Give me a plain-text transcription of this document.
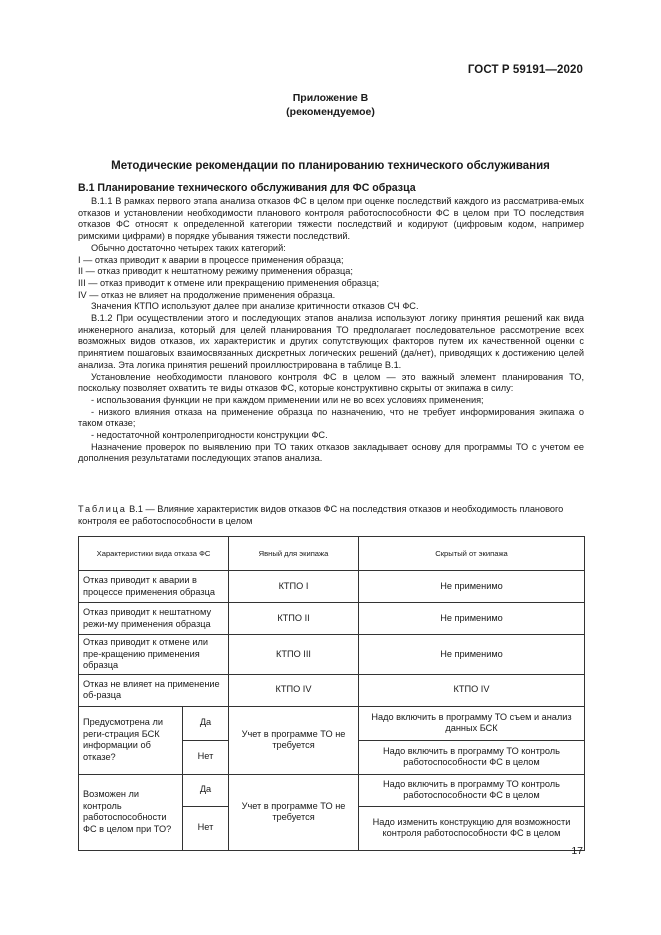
ГОСТ Р 59191—2020
Приложение В
(рекомендуемое)
Методические рекомендации по планированию технического обслуживания
В.1 Планирование технического обслуживания для ФС образца

В.1.1 В рамках первого этапа анализа отказов ФС в целом при оценке последствий каждого из рассматрива-емых отказов и установлении необходимости планового контроля работоспособности ФС в целом при ТО последствия отказов ФС относят к определенной категории тяжести последствий и кодируют (цифровым кодом, например римскими цифрами) в порядке убывания тяжести последствий.

Обычно достаточно четырех таких категорий:

I — отказ приводит к аварии в процессе применения образца;

II — отказ приводит к нештатному режиму применения образца;

III — отказ приводит к отмене или прекращению применения образца;

IV — отказ не влияет на продолжение применения образца.

Значения КТПО используют далее при анализе критичности отказов СЧ ФС.

В.1.2 При осуществлении этого и последующих этапов анализа используют логику принятия решений как вида инженерного анализа, который для целей планирования ТО предполагает последовательное рассмотрение всех возможных видов отказов, их характеристик и других сопутствующих факторов путем их качественной оценки с принятием пошаговых взаимосвязанных дискретных логических решений (да/нет), приводящих к достижению целей анализа. Эта логика принятия решений проиллюстрирована в таблице В.1.

Установление необходимости планового контроля ФС в целом — это важный элемент планирования ТО, поскольку позволяет охватить те виды отказов ФС, которые конструктивно скрыты от экипажа в силу:

- использования функции не при каждом применении или не во всех условиях применения;

- низкого влияния отказа на применение образца по назначению, что не требует информирования экипажа о таком отказе;

- недостаточной контролепригодности конструкции ФС.

Назначение проверок по выявлению при ТО таких отказов закладывает основу для программы ТО с учетом ее дополнения результатами последующих этапов анализа.

Таблица В.1 — Влияние характеристик видов отказов ФС на последствия отказов и необходимость планового контроля ее работоспособности в целом
Характеристики вида отказа ФС		Явный для экипажа	Скрытый от экипажа
Отказ приводит к аварии в процессе применения образца		КТПО I	Не применимо
Отказ приводит к нештатному режи-му применения образца		КТПО II	Не применимо
Отказ приводит к отмене или пре-кращению применения образца		КТПО III	Не применимо
Отказ не влияет на применение об-разца		КТПО IV	КТПО IV
Предусмотрена ли реги-страция БСК информации об отказе?	Да	Учет в программе ТО не требуется	Надо включить в программу ТО съем и анализ данных БСК
	Нет		Надо включить в программу ТО контроль работоспособности ФС в целом
Возможен ли контроль работоспособности ФС в целом при ТО?	Да	Учет в программе ТО не требуется	Надо включить в программу ТО контроль работоспособности ФС в целом
	Нет		Надо изменить конструкцию для возможности контроля работоспособности ФС в целом
17
